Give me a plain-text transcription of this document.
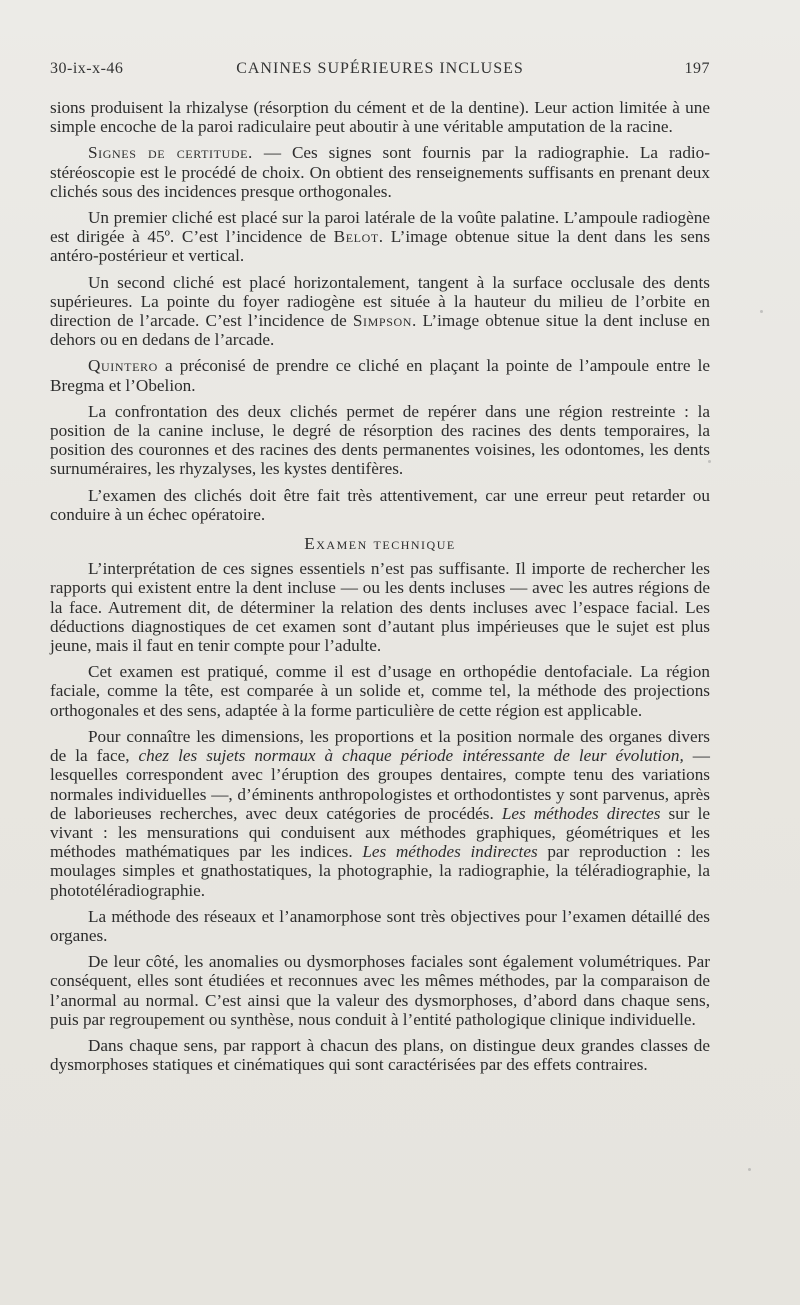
30-ix-x-46	CANINES SUPÉRIEURES INCLUSES	197

sions produisent la rhizalyse (résorption du cément et de la dentine). Leur action limitée à une simple encoche de la paroi radiculaire peut aboutir à une véritable amputation de la racine.

Signes de certitude. — Ces signes sont fournis par la radiographie. La radio-stéréoscopie est le procédé de choix. On obtient des renseignements suffisants en prenant deux clichés sous des incidences presque orthogonales.

Un premier cliché est placé sur la paroi latérale de la voûte palatine. L’ampoule radiogène est dirigée à 45º. C’est l’incidence de Belot. L’image obtenue situe la dent dans les sens antéro-postérieur et vertical.

Un second cliché est placé horizontalement, tangent à la surface occlusale des dents supérieures. La pointe du foyer radiogène est située à la hauteur du milieu de l’orbite en direction de l’arcade. C’est l’incidence de Simpson. L’image obtenue situe la dent incluse en dehors ou en dedans de l’arcade.

Quintero a préconisé de prendre ce cliché en plaçant la pointe de l’ampoule entre le Bregma et l’Obelion.

La confrontation des deux clichés permet de repérer dans une région restreinte : la position de la canine incluse, le degré de résorption des racines des dents temporaires, la position des couronnes et des racines des dents permanentes voisines, les odontomes, les dents surnuméraires, les rhyzalyses, les kystes dentifères.

L’examen des clichés doit être fait très attentivement, car une erreur peut retarder ou conduire à un échec opératoire.

Examen technique

L’interprétation de ces signes essentiels n’est pas suffisante. Il importe de rechercher les rapports qui existent entre la dent incluse — ou les dents incluses — avec les autres régions de la face. Autrement dit, de déterminer la relation des dents incluses avec l’espace facial. Les déductions diagnostiques de cet examen sont d’autant plus impérieuses que le sujet est plus jeune, mais il faut en tenir compte pour l’adulte.

Cet examen est pratiqué, comme il est d’usage en orthopédie dentofaciale. La région faciale, comme la tête, est comparée à un solide et, comme tel, la méthode des projections orthogonales et des sens, adaptée à la forme particulière de cette région est applicable.

Pour connaître les dimensions, les proportions et la position normale des organes divers de la face, chez les sujets normaux à chaque période intéressante de leur évolution, — lesquelles correspondent avec l’éruption des groupes dentaires, compte tenu des variations normales individuelles —, d’éminents anthropologistes et orthodontistes y sont parvenus, après de laborieuses recherches, avec deux catégories de procédés. Les méthodes directes sur le vivant : les mensurations qui conduisent aux méthodes graphiques, géométriques et les méthodes mathématiques par les indices. Les méthodes indirectes par reproduction : les moulages simples et gnathostatiques, la photographie, la radiographie, la téléradiographie, la phototéléradiographie.

La méthode des réseaux et l’anamorphose sont très objectives pour l’examen détaillé des organes.

De leur côté, les anomalies ou dysmorphoses faciales sont également volumétriques. Par conséquent, elles sont étudiées et reconnues avec les mêmes méthodes, par la comparaison de l’anormal au normal. C’est ainsi que la valeur des dysmorphoses, d’abord dans chaque sens, puis par regroupement ou synthèse, nous conduit à l’entité pathologique clinique individuelle.

Dans chaque sens, par rapport à chacun des plans, on distingue deux grandes classes de dysmorphoses statiques et cinématiques qui sont caractérisées par des effets contraires.
